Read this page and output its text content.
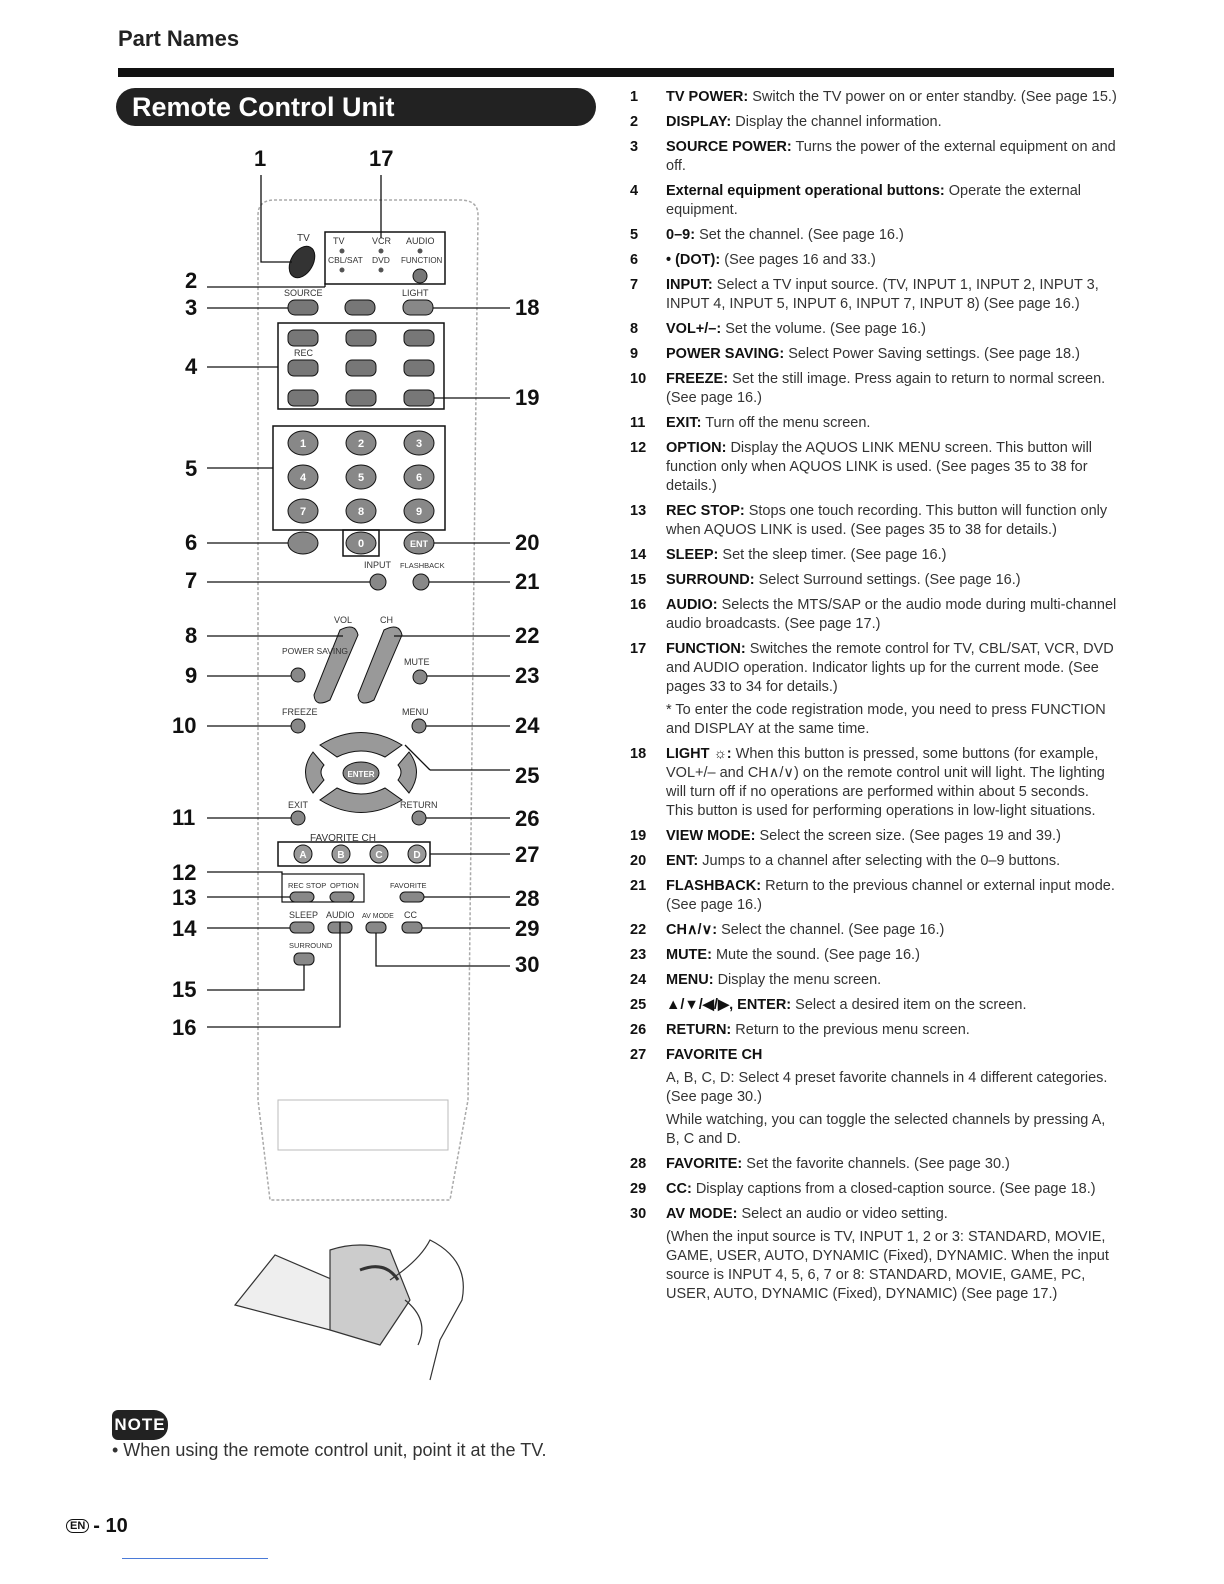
Part Names
Remote Control Unit
TV	VCR AUDIO
CBL/SAT DVD FUNCTION
TV
SOURCE	LIGHT
REC
1	2	3
4	5	6
7	8	9
0	ENT
INPUT FLASHBACK
VOL	CH
POWER SAVING
MUTE
FREEZE	MENU
ENTER
EXIT	RETURN
FAVORITE CH
A	B	C	D
REC STOP OPTION	FAVORITE
SLEEP AUDIO AV MODE CC
SURROUND
1	17
2
3
4
5
6
7
8
9
10
11
12
13
14
15
16
18
19
20
21
22
23
24
25
26
27
28
29
30
1	TV POWER: Switch the TV power on or enter standby. (See page 15.)
2	DISPLAY: Display the channel information.
3	SOURCE POWER: Turns the power of the external equipment on and off.
4	External equipment operational buttons: Operate the external equipment.
5	0–9: Set the channel. (See page 16.)
6	• (DOT): (See pages 16 and 33.)
7	INPUT: Select a TV input source. (TV, INPUT 1, INPUT 2, INPUT 3, INPUT 4, INPUT 5, INPUT 6, INPUT 7, INPUT 8) (See page 16.)
8	VOL+/–: Set the volume. (See page 16.)
9	POWER SAVING: Select Power Saving settings. (See page 18.)
10	FREEZE: Set the still image. Press again to return to normal screen. (See page 16.)
11	EXIT: Turn off the menu screen.
12	OPTION: Display the AQUOS LINK MENU screen. This button will function only when AQUOS LINK is used. (See pages 35 to 38 for details.)
13	REC STOP: Stops one touch recording. This button will function only when AQUOS LINK is used. (See pages 35 to 38 for details.)
14	SLEEP: Set the sleep timer. (See page 16.)
15	SURROUND: Select Surround settings. (See page 16.)
16	AUDIO: Selects the MTS/SAP or the audio mode during multi-channel audio broadcasts. (See page 17.)
17	FUNCTION: Switches the remote control for TV, CBL/SAT, VCR, DVD and AUDIO operation. Indicator lights up for the current mode. (See pages 33 to 34 for details.)
* To enter the code registration mode, you need to press FUNCTION and DISPLAY at the same time.
18	LIGHT ☼: When this button is pressed, some buttons (for example, VOL+/– and CH∧/∨) on the remote control unit will light. The lighting will turn off if no operations are performed within about 5 seconds. This button is used for performing operations in low-light situations.
19	VIEW MODE: Select the screen size. (See pages 19 and 39.)
20	ENT: Jumps to a channel after selecting with the 0–9 buttons.
21	FLASHBACK: Return to the previous channel or external input mode. (See page 16.)
22	CH∧/∨: Select the channel. (See page 16.)
23	MUTE: Mute the sound. (See page 16.)
24	MENU: Display the menu screen.
25	▲/▼/◀/▶, ENTER: Select a desired item on the screen.
26	RETURN: Return to the previous menu screen.
27	FAVORITE CH
A, B, C, D: Select 4 preset favorite channels in 4 different categories. (See page 30.)
While watching, you can toggle the selected channels by pressing A, B, C and D.
28	FAVORITE: Set the favorite channels. (See page 30.)
29	CC: Display captions from a closed-caption source. (See page 18.)
30	AV MODE: Select an audio or video setting.
(When the input source is TV, INPUT 1, 2 or 3: STANDARD, MOVIE, GAME, USER, AUTO, DYNAMIC (Fixed), DYNAMIC. When the input source is INPUT 4, 5, 6, 7 or 8: STANDARD, MOVIE, GAME, PC, USER, AUTO, DYNAMIC (Fixed), DYNAMIC) (See page 17.)
NOTE
• When using the remote control unit, point it at the TV.
EN - 10
